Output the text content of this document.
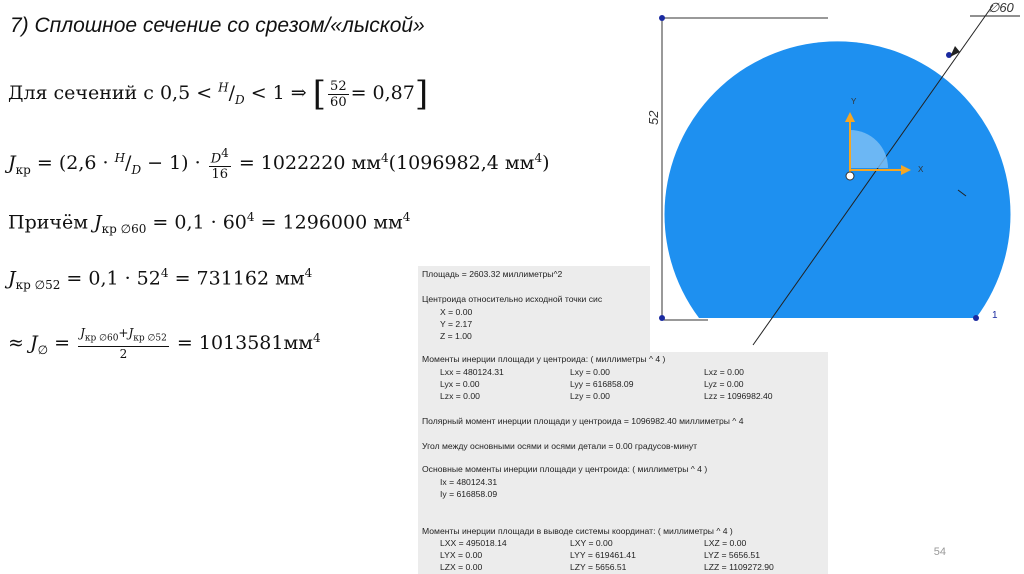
7) Сплошное сечение со срезом/«лыской»
Для сечений с $0,5 < ^H/_D < 1$ ⇒ [ $\frac{52}{60} = 0,87$]
$J_{кр} = (2,6 \cdot ^H/_D - 1) \cdot \frac{D^4}{16} = 1022220$ $мм^4(1096982,4$ $мм^4$)
Причём $J_{кр \emptyset 60} = 0,1 \cdot 60^4 = 1296000$ $мм^4$
$J_{кр \emptyset 52} = 0,1 \cdot 52^4 = 731162$ $мм^4$
≈ $J_\emptyset = \frac{J_{кр \emptyset 60}+J_{кр \emptyset 52}}{2} = 1013581мм^4$
Площадь = 2603.32 миллиметры^2
Центроида относительно исходной точки сис
X = 0.00
Y = 2.17
Z = 1.00
Моменты инерции площади у центроида: ( миллиметры ^ 4 )
Lxx = 480124.31	Lxy = 0.00	Lxz = 0.00
Lyx = 0.00	Lyy = 616858.09	Lyz = 0.00
Lzx = 0.00	Lzy = 0.00	Lzz = 1096982.40
Полярный момент инерции площади у центроида = 1096982.40 миллиметры ^ 4
Угол между основными осями и осями детали = 0.00 градусов-минут
Основные моменты инерции площади у центроида: ( миллиметры ^ 4 )
Ix = 480124.31
Iy = 616858.09
Моменты инерции площади в выводе системы координат: ( миллиметры ^ 4 )
LXX = 495018.14	LXY = 0.00	LXZ = 0.00
LYX = 0.00	LYY = 619461.41	LYZ = 5656.51
LZX = 0.00	LZY = 5656.51	LZZ = 1109272.90
∅60
52
Y
X
1
54
